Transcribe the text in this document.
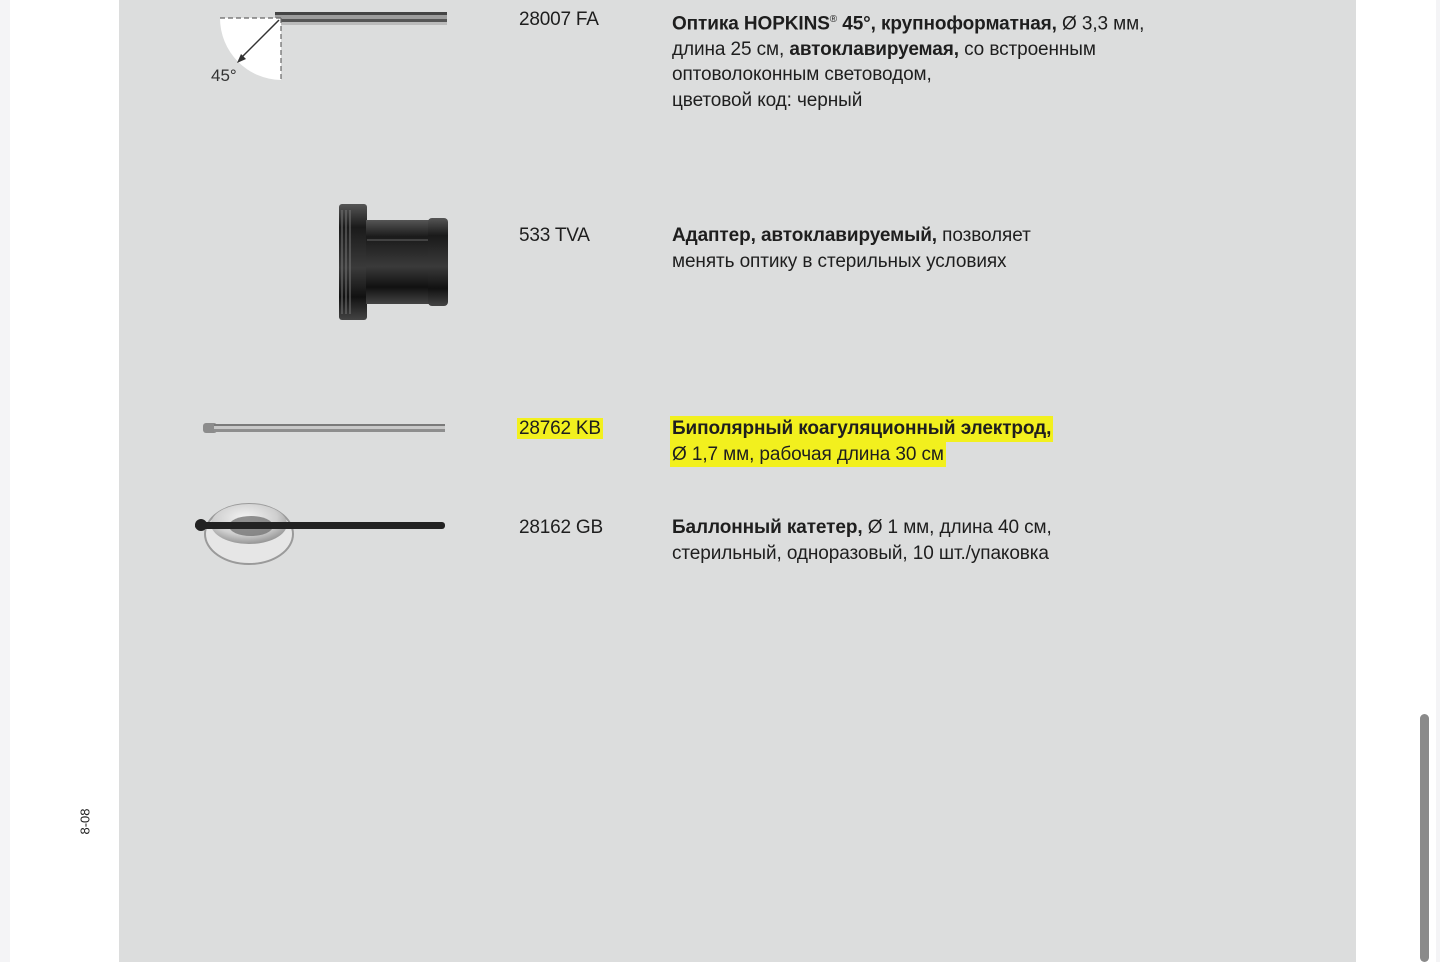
8-08
45°
28007 FA	Оптика HOPKINS® 45°, крупноформатная, Ø 3,3 мм,
длина 25 см, автоклавируемая, со встроенным
оптоволоконным световодом,
цветовой код: черный
533 TVA	Адаптер, автоклавируемый, позволяет
менять оптику в стерильных условиях
28762 KB	Биполярный коагуляционный электрод,
Ø 1,7 мм, рабочая длина 30 см
28162 GB	Баллонный катетер, Ø 1 мм, длина 40 см,
стерильный, одноразовый, 10 шт./упаковка
